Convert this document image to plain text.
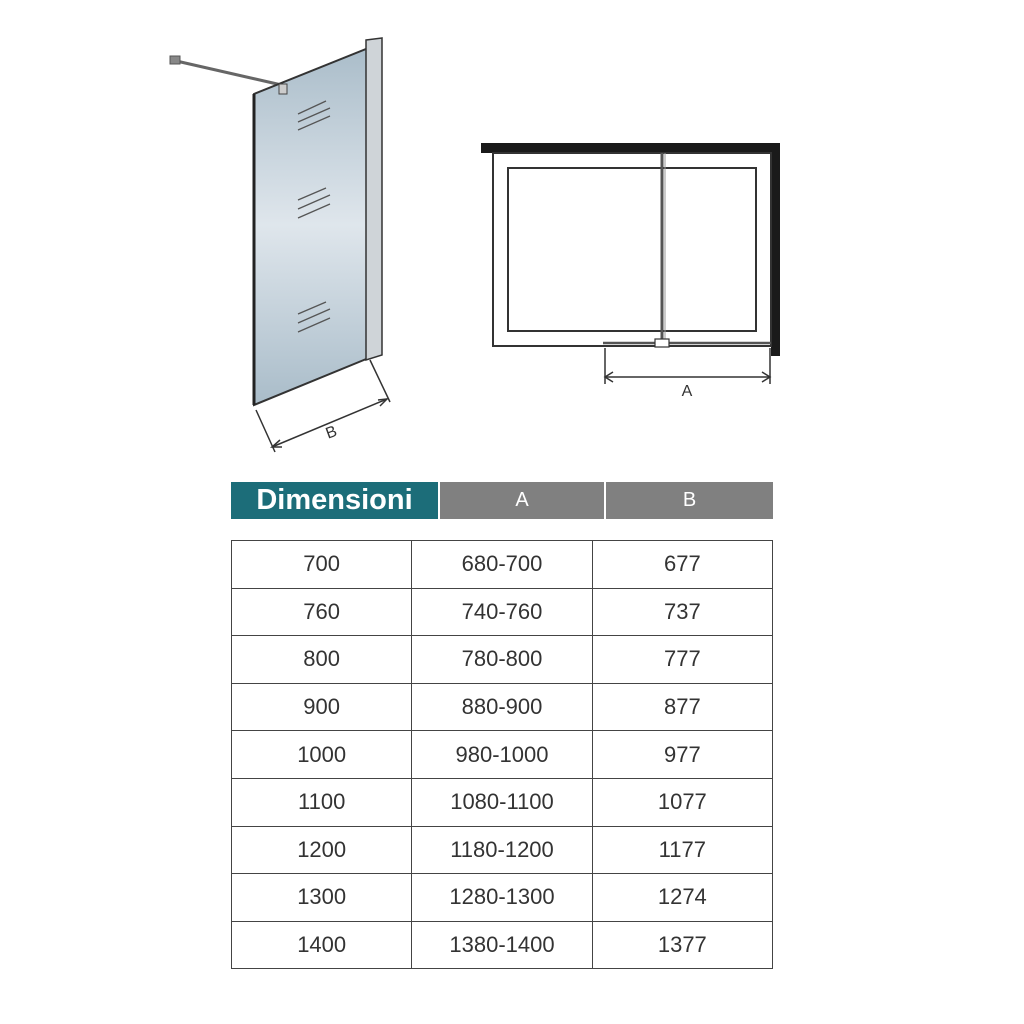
B
A
Dimensioni	A	B
700	680-700	677
760	740-760	737
800	780-800	777
900	880-900	877
1000	980-1000	977
1100	1080-1100	1077
1200	1180-1200	1177
1300	1280-1300	1274
1400	1380-1400	1377
